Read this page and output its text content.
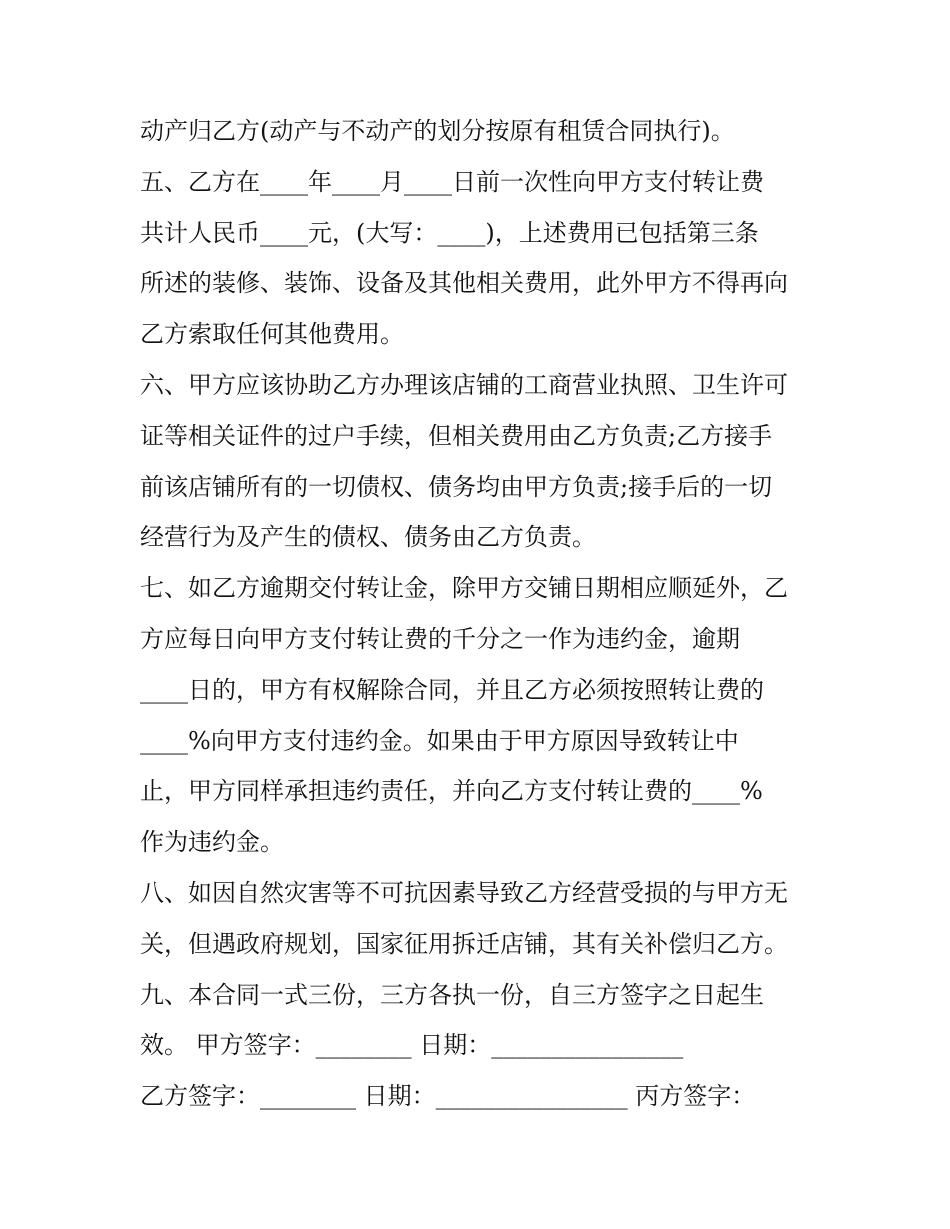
动产归乙方(动产与不动产的划分按原有租赁合同执行)。
五、乙方在____年____月____日前一次性向甲方支付转让费
共计人民币____元，(大写：____)，上述费用已包括第三条
所述的装修、装饰、设备及其他相关费用，此外甲方不得再向
乙方索取任何其他费用。
六、甲方应该协助乙方办理该店铺的工商营业执照、卫生许可
证等相关证件的过户手续，但相关费用由乙方负责;乙方接手
前该店铺所有的一切债权、债务均由甲方负责;接手后的一切
经营行为及产生的债权、债务由乙方负责。
七、如乙方逾期交付转让金，除甲方交铺日期相应顺延外，乙
方应每日向甲方支付转让费的千分之一作为违约金，逾期
____日的，甲方有权解除合同，并且乙方必须按照转让费的
____%向甲方支付违约金。如果由于甲方原因导致转让中
止，甲方同样承担违约责任，并向乙方支付转让费的____%
作为违约金。
八、如因自然灾害等不可抗因素导致乙方经营受损的与甲方无
关，但遇政府规划，国家征用拆迁店铺，其有关补偿归乙方。
九、本合同一式三份，三方各执一份，自三方签字之日起生
效。 甲方签字：________ 日期：________________
乙方签字：________ 日期：________________ 丙方签字：
